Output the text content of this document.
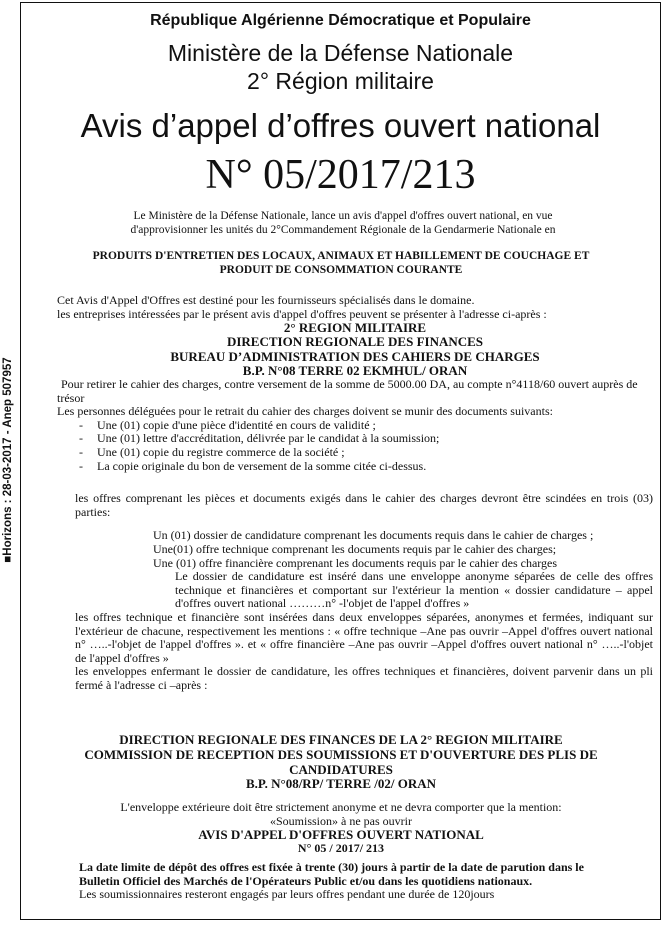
■Horizons : 28-03-2017 - Anep 507957
République Algérienne Démocratique et Populaire
Ministère de la Défense Nationale
2° Région militaire
Avis d’appel d’offres ouvert national
N° 05/2017/213
Le Ministère de la Défense Nationale, lance un avis d'appel d'offres ouvert national, en vue
d'approvisionner les unités du 2°Commandement Régionale de la Gendarmerie Nationale en
PRODUITS D'ENTRETIEN DES LOCAUX, ANIMAUX ET HABILLEMENT DE COUCHAGE ET
PRODUIT DE CONSOMMATION COURANTE

Cet Avis d'Appel d'Offres est destiné pour les fournisseurs spécialisés dans le domaine.

les entreprises intéressées par le présent avis d'appel d'offres peuvent se présenter à l'adresse ci-après :

2° REGION MILITAIRE
DIRECTION REGIONALE DES FINANCES
BUREAU D’ADMINISTRATION DES CAHIERS DE CHARGES
B.P. N°08 TERRE 02 EKMHUL/ ORAN

Pour retirer le cahier des charges, contre versement de la somme de 5000.00 DA, au compte n°4118/60 ouvert auprès de trésor

Les personnes déléguées pour le retrait du cahier des charges doivent se munir des documents suivants:

- Une (01) copie d'une pièce d'identité en cours de validité ;
- Une (01) lettre d'accréditation, délivrée par le candidat à la soumission;
- Une (01) copie du registre commerce de la société ;
- La copie originale du bon de versement de la somme citée ci-dessus.

les offres comprenant les pièces et documents exigés dans le cahier des charges devront être scindées en trois (03) parties:

Un (01) dossier de candidature comprenant les documents requis dans le cahier de charges ;
Une(01) offre technique comprenant les documents requis par le cahier des charges;
Une (01) offre financière comprenant les documents requis par le cahier des charges

Le dossier de candidature est inséré dans une enveloppe anonyme séparées de celle des offres technique et financières et comportant sur l'extérieur la mention « dossier candidature – appel d'offres ouvert national ………n° -l'objet de l'appel d'offres »

les offres technique et financière sont insérées dans deux enveloppes séparées, anonymes et fermées, indiquant sur l'extérieur de chacune, respectivement les mentions : « offre technique –Ane pas ouvrir –Appel d'offres ouvert national n° …..-l'objet de l'appel d'offres ». et « offre financière –Ane pas ouvrir –Appel d'offres ouvert national n° …..-l'objet de l'appel d'offres »

les enveloppes enfermant le dossier de candidature, les offres techniques et financières, doivent parvenir dans un pli fermé à l'adresse ci –après :

DIRECTION REGIONALE DES FINANCES DE LA 2° REGION MILITAIRE
COMMISSION DE RECEPTION DES SOUMISSIONS ET D'OUVERTURE DES PLIS DE
CANDIDATURES
B.P. N°08/RP/ TERRE /02/ ORAN
L'enveloppe extérieure doit être strictement anonyme et ne devra comporter que la mention:
«Soumission» à ne pas ouvrir
AVIS D'APPEL D'OFFRES OUVERT NATIONAL
N° 05 / 2017/ 213

La date limite de dépôt des offres est fixée à trente (30) jours à partir de la date de parution dans le

Bulletin Officiel des Marchés de l'Opérateurs Public et/ou dans les quotidiens nationaux.

Les soumissionnaires resteront engagés par leurs offres pendant une durée de 120jours
